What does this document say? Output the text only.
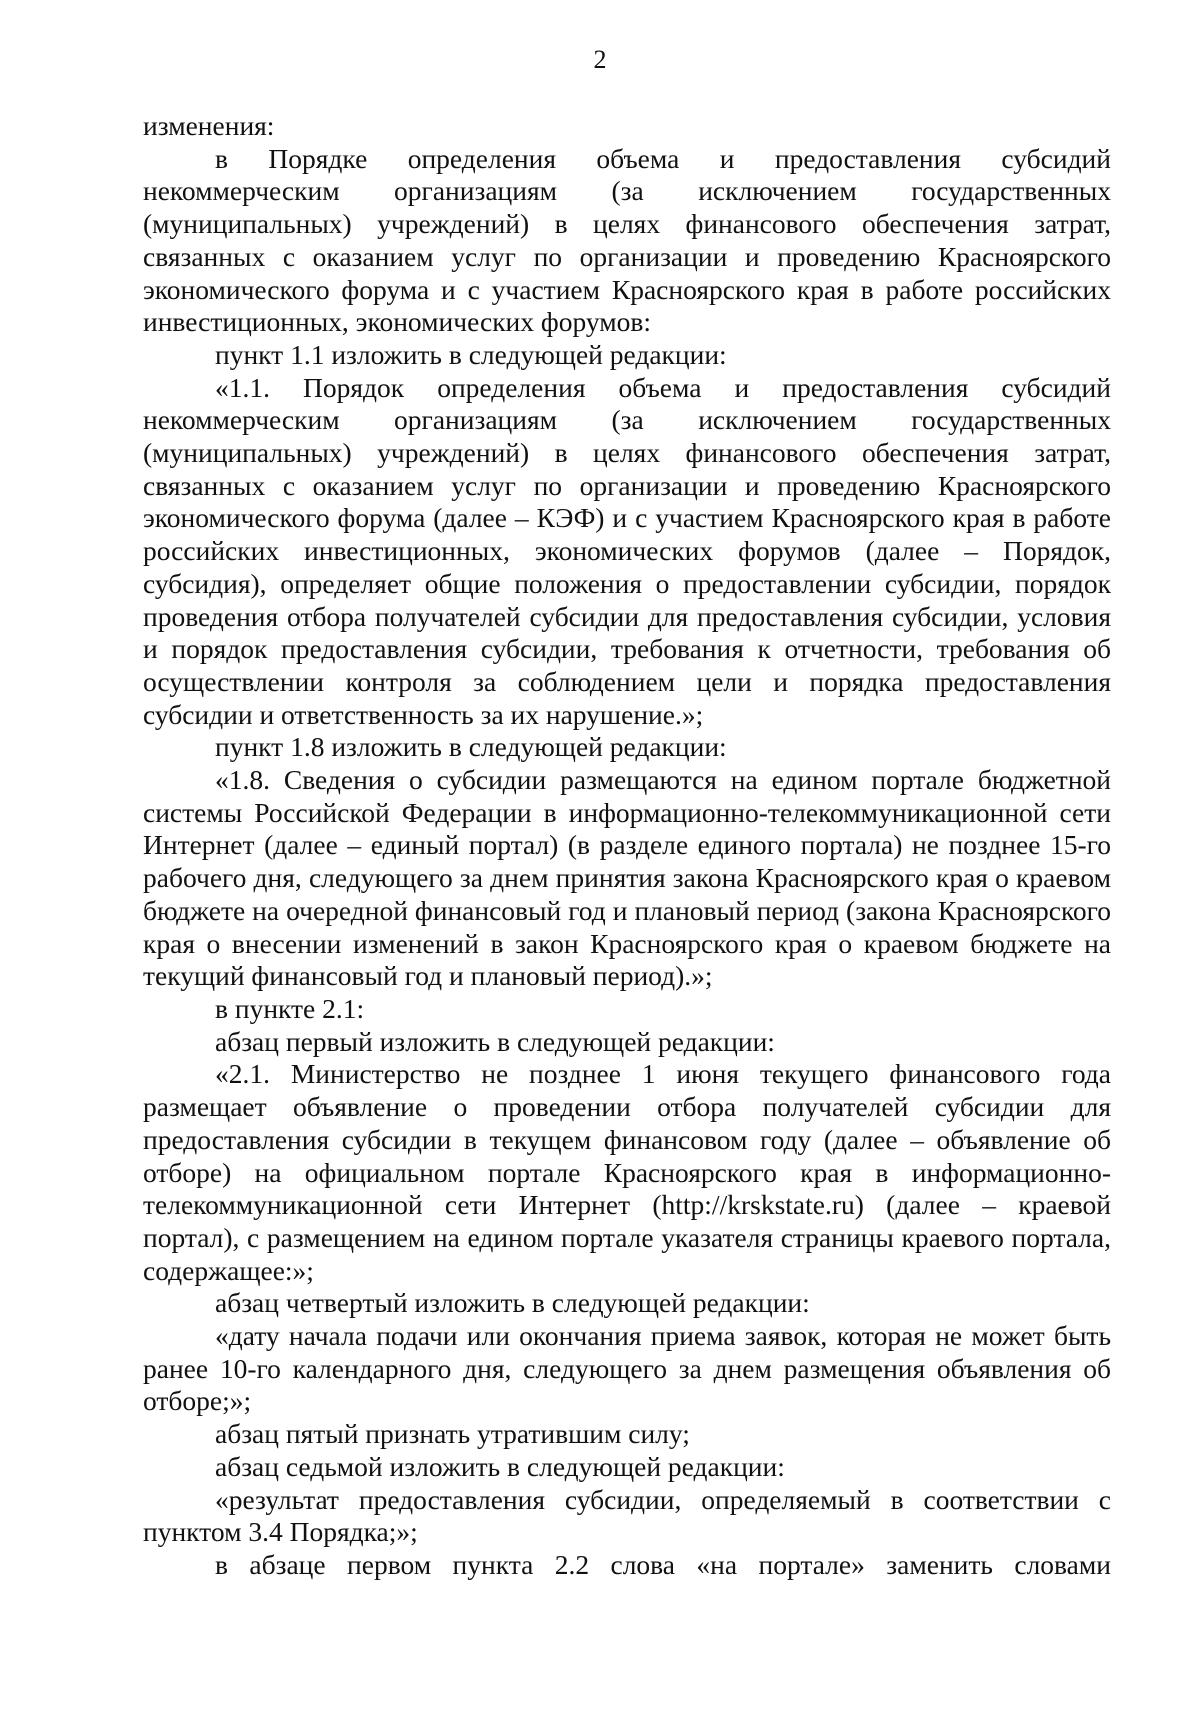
2

изменения:

в Порядке определения объема и предоставления субсидий некоммерческим организациям (за исключением государственных (муниципальных) учреждений) в целях финансового обеспечения затрат, связанных с оказанием услуг по организации и проведению Красноярского экономического форума и с участием Красноярского края в работе российских инвестиционных, экономических форумов:

пункт 1.1 изложить в следующей редакции:

«1.1. Порядок определения объема и предоставления субсидий некоммерческим организациям (за исключением государственных (муниципальных) учреждений) в целях финансового обеспечения затрат, связанных с оказанием услуг по организации и проведению Красноярского экономического форума (далее – КЭФ) и с участием Красноярского края в работе российских инвестиционных, экономических форумов (далее – Порядок, субсидия), определяет общие положения о предоставлении субсидии, порядок проведения отбора получателей субсидии для предоставления субсидии, условия и порядок предоставления субсидии, требования к отчетности, требования об осуществлении контроля за соблюдением цели и порядка предоставления субсидии и ответственность за их нарушение.»;

пункт 1.8 изложить в следующей редакции:

«1.8. Сведения о субсидии размещаются на едином портале бюджетной системы Российской Федерации в информационно-телекоммуникационной сети Интернет (далее – единый портал) (в разделе единого портала) не позднее 15-го рабочего дня, следующего за днем принятия закона Красноярского края о краевом бюджете на очередной финансовый год и плановый период (закона Красноярского края о внесении изменений в закон Красноярского края о краевом бюджете на текущий финансовый год и плановый период).»;

в пункте 2.1:

абзац первый изложить в следующей редакции:

«2.1. Министерство не позднее 1 июня текущего финансового года размещает объявление о проведении отбора получателей субсидии для предоставления субсидии в текущем финансовом году (далее – объявление об отборе) на официальном портале Красноярского края в информационно-телекоммуникационной сети Интернет (http://krskstate.ru) (далее – краевой портал), с размещением на едином портале указателя страницы краевого портала, содержащее:»;

абзац четвертый изложить в следующей редакции:

«дату начала подачи или окончания приема заявок, которая не может быть ранее 10-го календарного дня, следующего за днем размещения объявления об отборе;»;

абзац пятый признать утратившим силу;

абзац седьмой изложить в следующей редакции:

«результат предоставления субсидии, определяемый в соответствии с пунктом 3.4 Порядка;»;

в абзаце первом пункта 2.2 слова «на портале» заменить словами
